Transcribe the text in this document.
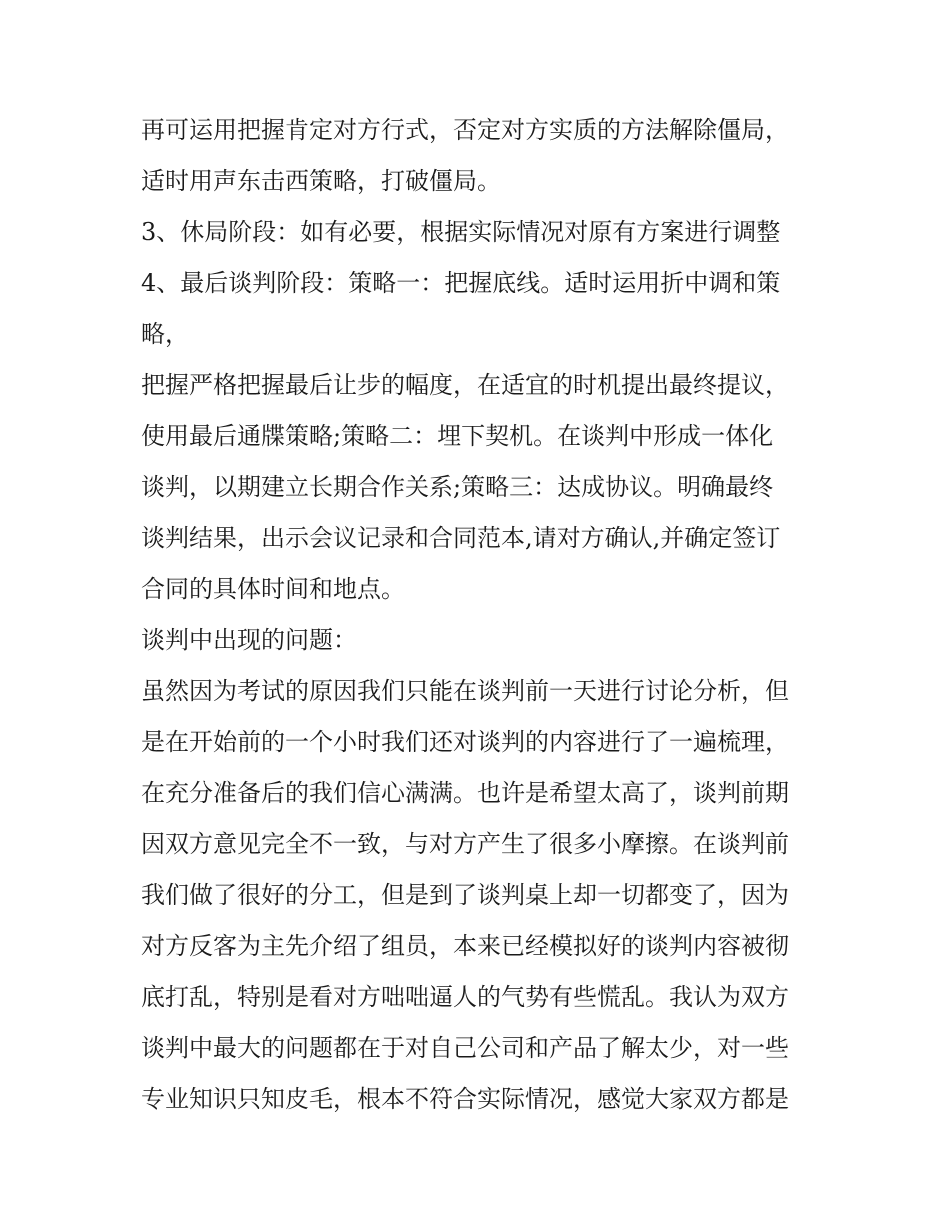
再可运用把握肯定对方行式，否定对方实质的方法解除僵局，
适时用声东击西策略，打破僵局。
3、休局阶段：如有必要，根据实际情况对原有方案进行调整
4、最后谈判阶段：策略一：把握底线。适时运用折中调和策
略，
把握严格把握最后让步的幅度，在适宜的时机提出最终提议，
使用最后通牒策略;策略二：埋下契机。在谈判中形成一体化
谈判，以期建立长期合作关系;策略三：达成协议。明确最终
谈判结果，出示会议记录和合同范本,请对方确认,并确定签订
合同的具体时间和地点。
谈判中出现的问题：
虽然因为考试的原因我们只能在谈判前一天进行讨论分析，但
是在开始前的一个小时我们还对谈判的内容进行了一遍梳理，
在充分准备后的我们信心满满。也许是希望太高了，谈判前期
因双方意见完全不一致，与对方产生了很多小摩擦。在谈判前
我们做了很好的分工，但是到了谈判桌上却一切都变了，因为
对方反客为主先介绍了组员，本来已经模拟好的谈判内容被彻
底打乱，特别是看对方咄咄逼人的气势有些慌乱。我认为双方
谈判中最大的问题都在于对自己公司和产品了解太少，对一些
专业知识只知皮毛，根本不符合实际情况，感觉大家双方都是
